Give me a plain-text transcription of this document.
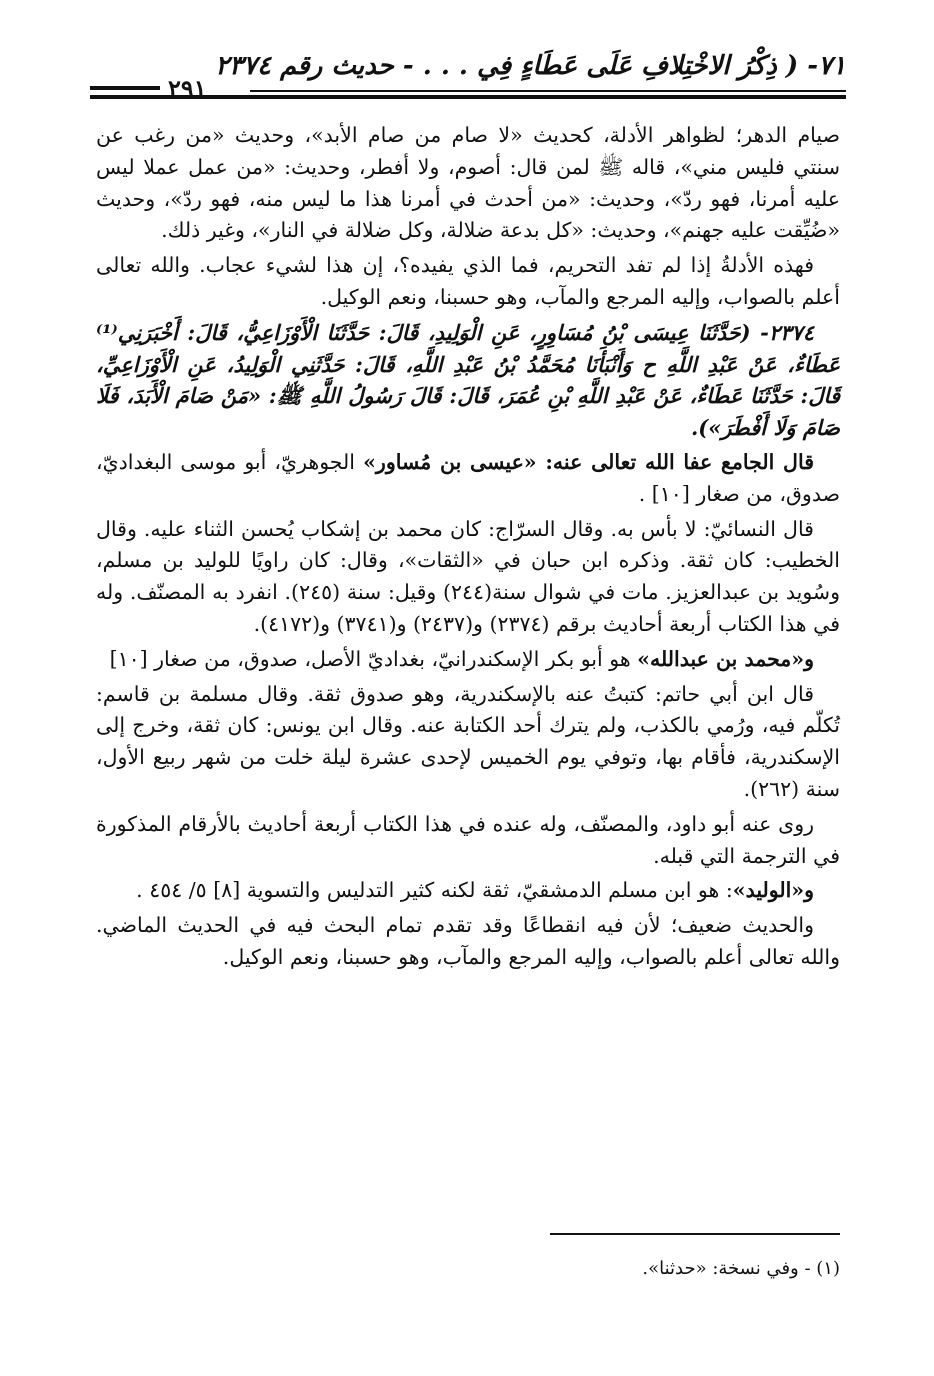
٧١- ( ذِكْرُ الاخْتِلافِ عَلَى عَطَاءٍ فِي . . . - حديث رقم ٢٣٧٤
٢٩١

صيام الدهر؛ لظواهر الأدلة، كحديث «لا صام من صام الأبد»، وحديث «من رغب عن سنتي فليس مني»، قاله ﷺ لمن قال: أصوم، ولا أفطر، وحديث: «من عمل عملا ليس عليه أمرنا، فهو ردّ»، وحديث: «من أحدث في أمرنا هذا ما ليس منه، فهو ردّ»، وحديث «ضُيِّقت عليه جهنم»، وحديث: «كل بدعة ضلالة، وكل ضلالة في النار»، وغير ذلك.

فهذه الأدلةُ إذا لم تفد التحريم، فما الذي يفيده؟، إن هذا لشيء عجاب. والله تعالى أعلم بالصواب، وإليه المرجع والمآب، وهو حسبنا، ونعم الوكيل.

٢٣٧٤- (حَدَّثَنَا عِيسَى بْنُ مُسَاوِرٍ، عَنِ الْوَلِيدِ، قَالَ: حَدَّثَنَا الْأَوْزَاعِيُّ، قَالَ: أَخْبَرَنِي⁽¹⁾ عَطَاءٌ، عَنْ عَبْدِ اللَّهِ ح وَأَنْبَأَنَا مُحَمَّدُ بْنُ عَبْدِ اللَّهِ، قَالَ: حَدَّثَنِي الْوَلِيدُ، عَنِ الْأَوْزَاعِيِّ، قَالَ: حَدَّثَنَا عَطَاءٌ، عَنْ عَبْدِ اللَّهِ بْنِ عُمَرَ، قَالَ: قَالَ رَسُولُ اللَّهِ ﷺ: «مَنْ صَامَ الْأَبَدَ، فَلَا صَامَ وَلَا أَفْطَرَ»).

قال الجامع عفا الله تعالى عنه: «عيسى بن مُساور» الجوهريّ، أبو موسى البغداديّ، صدوق، من صغار [١٠] .

قال النسائيّ: لا بأس به. وقال السرّاج: كان محمد بن إشكاب يُحسن الثناء عليه. وقال الخطيب: كان ثقة. وذكره ابن حبان في «الثقات»، وقال: كان راويًا للوليد بن مسلم، وسُويد بن عبدالعزيز. مات في شوال سنة(٢٤٤) وقيل: سنة (٢٤٥). انفرد به المصنّف. وله في هذا الكتاب أربعة أحاديث برقم (٢٣٧٤) و(٢٤٣٧) و(٣٧٤١) و(٤١٧٢).

و«محمد بن عبدالله» هو أبو بكر الإسكندرانيّ، بغداديّ الأصل، صدوق، من صغار [١٠]

قال ابن أبي حاتم: كتبتُ عنه بالإسكندرية، وهو صدوق ثقة. وقال مسلمة بن قاسم: تُكلّم فيه، ورُمي بالكذب، ولم يترك أحد الكتابة عنه. وقال ابن يونس: كان ثقة، وخرج إلى الإسكندرية، فأقام بها، وتوفي يوم الخميس لإحدى عشرة ليلة خلت من شهر ربيع الأول، سنة (٢٦٢).

روى عنه أبو داود، والمصنّف، وله عنده في هذا الكتاب أربعة أحاديث بالأرقام المذكورة في الترجمة التي قبله.

و«الوليد»: هو ابن مسلم الدمشقيّ، ثقة لكنه كثير التدليس والتسوية [٨] ٥/ ٤٥٤ .

والحديث ضعيف؛ لأن فيه انقطاعًا وقد تقدم تمام البحث فيه في الحديث الماضي. والله تعالى أعلم بالصواب، وإليه المرجع والمآب، وهو حسبنا، ونعم الوكيل.

(١) - وفي نسخة: «حدثنا».
